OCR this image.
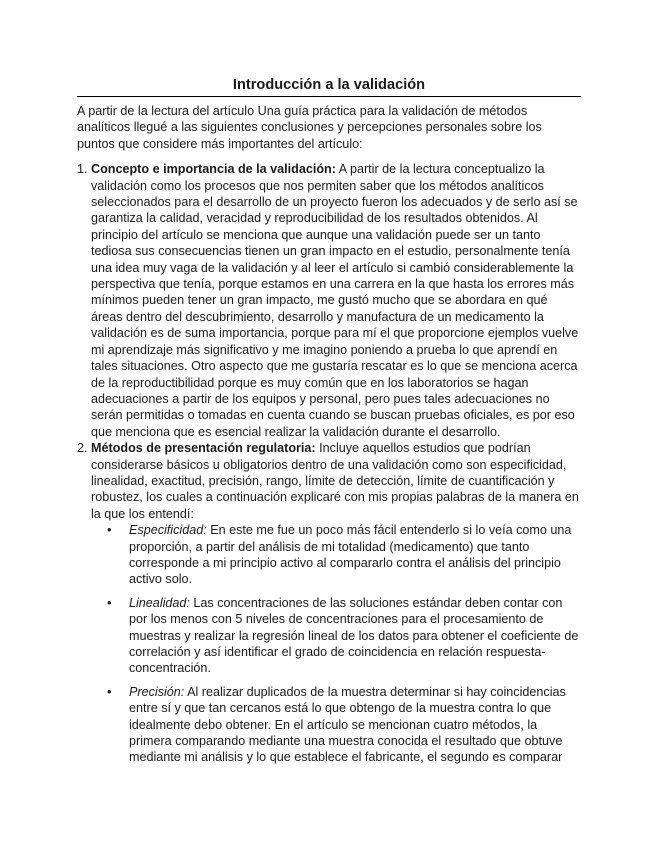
Introducción a la validación

A partir de la lectura del artículo Una guía práctica para la validación de métodos analíticos llegué a las siguientes conclusiones y percepciones personales sobre los puntos que considere más importantes del artículo:

1. Concepto e importancia de la validación: A partir de la lectura conceptualizo la validación como los procesos que nos permiten saber que los métodos analíticos seleccionados para el desarrollo de un proyecto fueron los adecuados y de serlo así se garantiza la calidad, veracidad y reproducibilidad de los resultados obtenidos. Al principio del artículo se menciona que aunque una validación puede ser un tanto tediosa sus consecuencias tienen un gran impacto en el estudio, personalmente tenía una idea muy vaga de la validación y al leer el artículo si cambió considerablemente la perspectiva que tenía, porque estamos en una carrera en la que hasta los errores más mínimos pueden tener un gran impacto, me gustó mucho que se abordara en qué áreas dentro del descubrimiento, desarrollo y manufactura de un medicamento la validación es de suma importancia, porque para mí el que proporcione ejemplos vuelve mi aprendizaje más significativo y me imagino poniendo a prueba lo que aprendí en tales situaciones. Otro aspecto que me gustaría rescatar es lo que se menciona acerca de la reproductibilidad porque es muy común que en los laboratorios se hagan adecuaciones a partir de los equipos y personal, pero pues tales adecuaciones no serán permitidas o tomadas en cuenta cuando se buscan pruebas oficiales, es por eso que menciona que es esencial realizar la validación durante el desarrollo.
2. Métodos de presentación regulatoria: Incluye aquellos estudios que podrían considerarse básicos u obligatorios dentro de una validación como son especificidad, linealidad, exactitud, precisión, rango, límite de detección, límite de cuantificación y robustez, los cuales a continuación explicaré con mis propias palabras de la manera en la que los entendí:
• Especificidad: En este me fue un poco más fácil entenderlo si lo veía como una proporción, a partir del análisis de mi totalidad (medicamento) que tanto corresponde a mi principio activo al compararlo contra el análisis del principio activo solo.
• Linealidad: Las concentraciones de las soluciones estándar deben contar con por los menos con 5 niveles de concentraciones para el procesamiento de muestras y realizar la regresión lineal de los datos para obtener el coeficiente de correlación y así identificar el grado de coincidencia en relación respuesta-concentración.
• Precisión: Al realizar duplicados de la muestra determinar si hay coincidencias entre sí y que tan cercanos está lo que obtengo de la muestra contra lo que idealmente debo obtener. En el artículo se mencionan cuatro métodos, la primera comparando mediante una muestra conocida el resultado que obtuve mediante mi análisis y lo que establece el fabricante, el segundo es comparar
